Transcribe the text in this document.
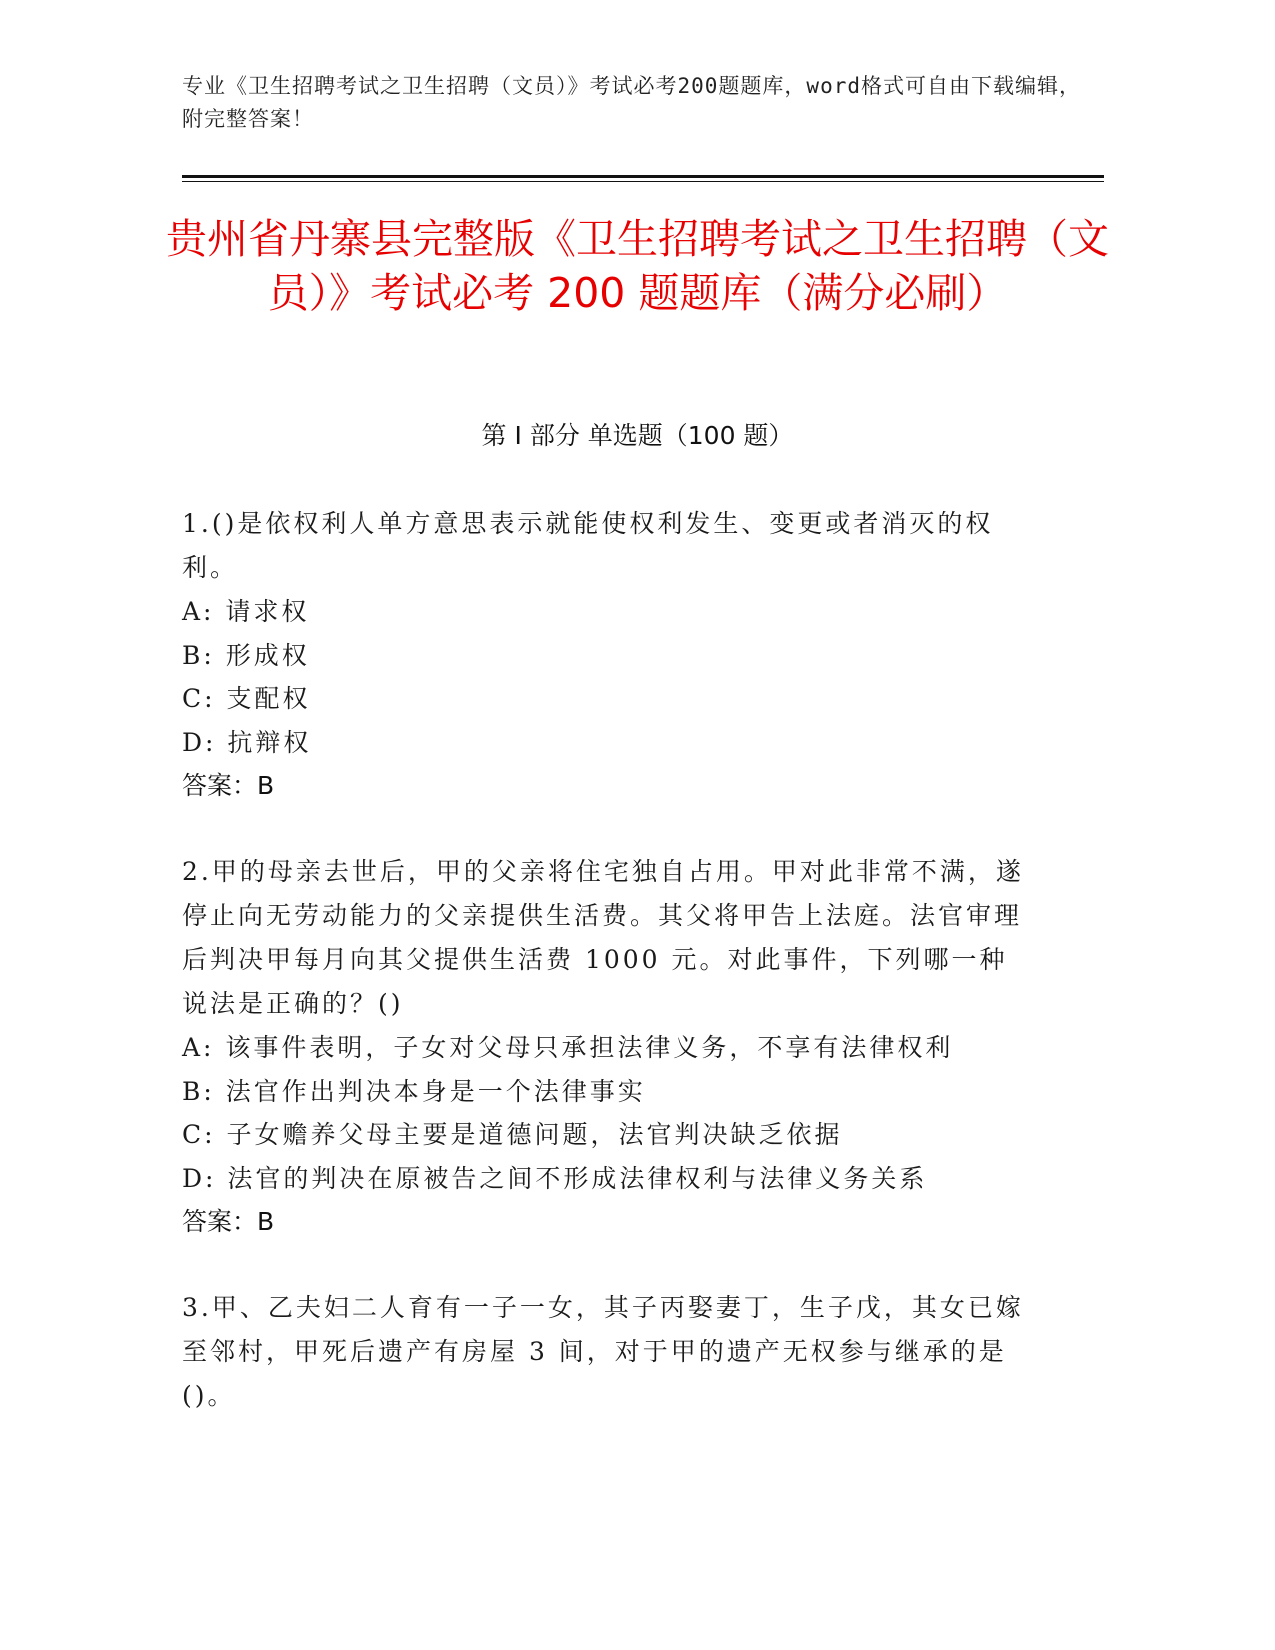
专业《卫生招聘考试之卫生招聘（文员）》考试必考200题题库，word格式可自由下载编辑，附完整答案！
贵州省丹寨县完整版《卫生招聘考试之卫生招聘（文员）》考试必考 200 题题库（满分必刷）
第 I 部分 单选题（100 题）

1.()是依权利人单方意思表示就能使权利发生、变更或者消灭的权利。

A: 请求权

B: 形成权

C: 支配权

D: 抗辩权

答案：B

2.甲的母亲去世后，甲的父亲将住宅独自占用。甲对此非常不满，遂停止向无劳动能力的父亲提供生活费。其父将甲告上法庭。法官审理后判决甲每月向其父提供生活费 1000 元。对此事件，下列哪一种说法是正确的？()

A: 该事件表明，子女对父母只承担法律义务，不享有法律权利

B: 法官作出判决本身是一个法律事实

C: 子女赡养父母主要是道德问题，法官判决缺乏依据

D: 法官的判决在原被告之间不形成法律权利与法律义务关系

答案：B

3.甲、乙夫妇二人育有一子一女，其子丙娶妻丁，生子戊，其女已嫁至邻村，甲死后遗产有房屋 3 间，对于甲的遗产无权参与继承的是()。
